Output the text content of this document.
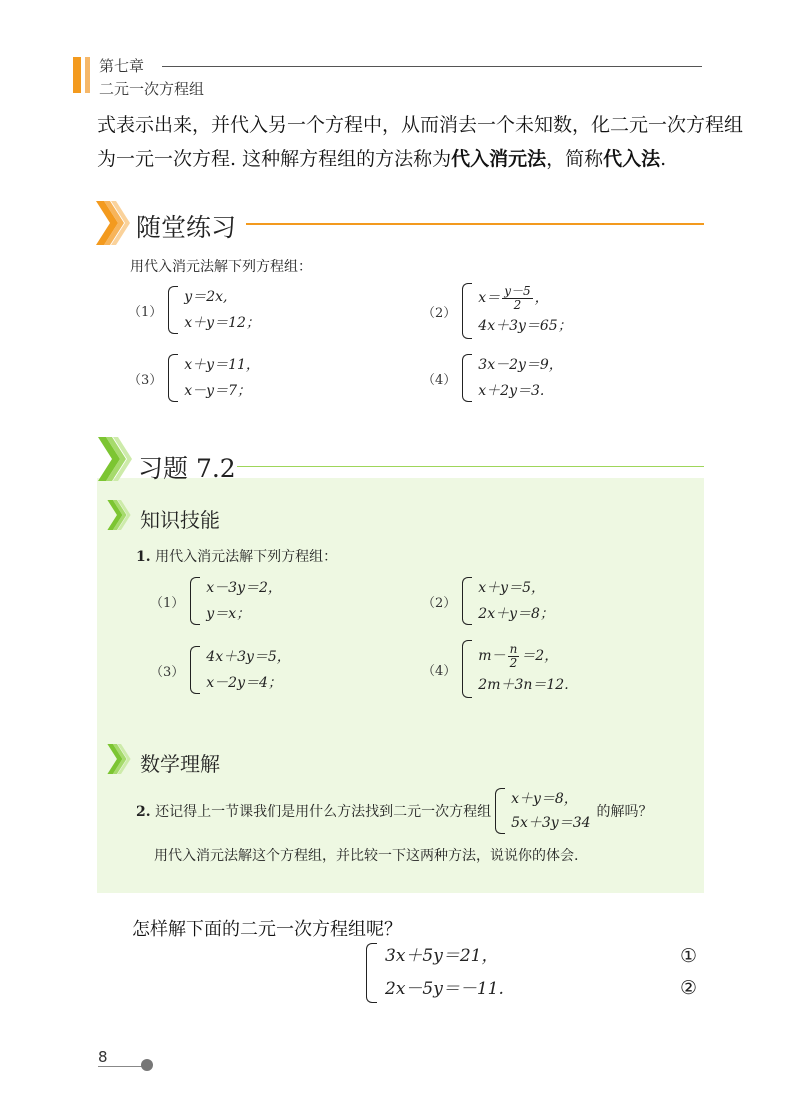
第七章
二元一次方程组
式表示出来，并代入另一个方程中，从而消去一个未知数，化二元一次方程组
为一元一次方程. 这种解方程组的方法称为代入消元法，简称代入法.
随堂练习
用代入消元法解下列方程组：
（1）
y＝2x,
x＋y＝12；
（2）
$x= \frac{y-5}{2}$ ，
4x＋3y＝65；
（3）
x＋y＝11，
x－y＝7；
（4）
3x－2y＝9，
x＋2y＝3.
习题 7.2
知识技能
1. 用代入消元法解下列方程组：
（1）
x－3y＝2，
y＝x；
（2）
x＋y＝5，
2x＋y＝8；
（3）
4x＋3y＝5，
x－2y＝4；
（4）
$m- \frac{n}{2} =2$，
2m＋3n＝12.
数学理解
2. 还记得上一节课我们是用什么方法找到二元一次方程组
x＋y＝8，
5x＋3y＝34
的解吗？
用代入消元法解这个方程组，并比较一下这两种方法，说说你的体会.
怎样解下面的二元一次方程组呢？
3x＋5y＝21，
2x－5y＝－11.
①
②
8
